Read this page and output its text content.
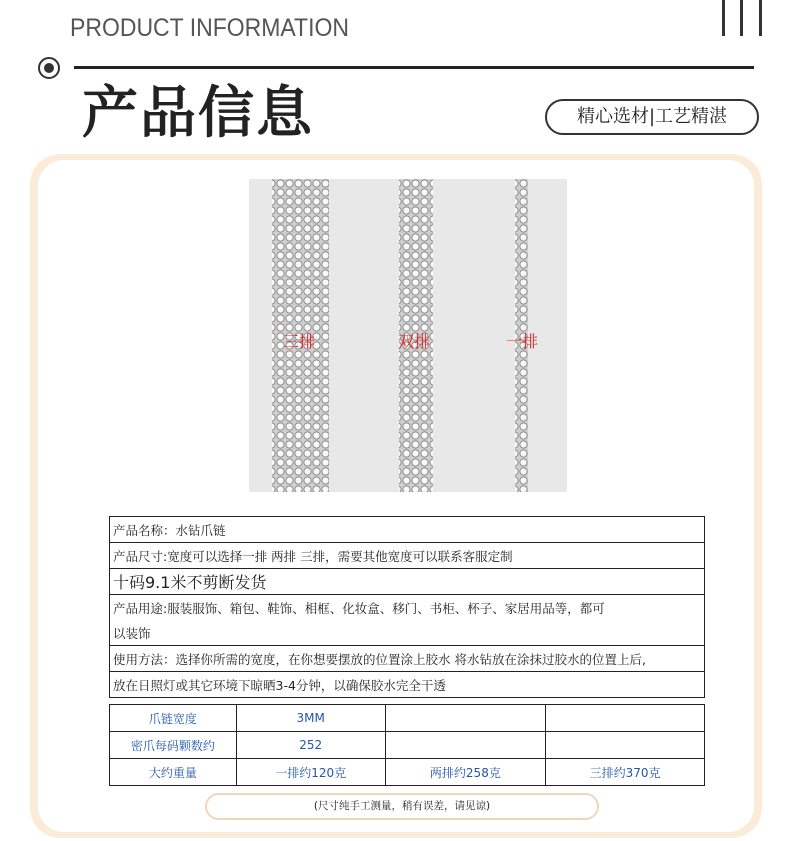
PRODUCT INFORMATION
产品信息	精心选材|工艺精湛
三排	双排	一排
产品名称：水钻爪链
产品尺寸:宽度可以选择一排 两排 三排，需要其他宽度可以联系客服定制
十码9.1米不剪断发货
产品用途:服装服饰、箱包、鞋饰、相框、化妆盒、移门、书柜、杯子、家居用品等，都可
以装饰
使用方法：选择你所需的宽度，在你想要摆放的位置涂上胶水 将水钻放在涂抹过胶水的位置上后,
放在日照灯或其它环境下晾晒3-4分钟，以确保胶水完全干透
爪链宽度	3MM		
密爪每码颗数约	252		
大约重量	一排约120克	两排约258克	三排约370克
(尺寸纯手工测量，稍有误差，请见谅)
